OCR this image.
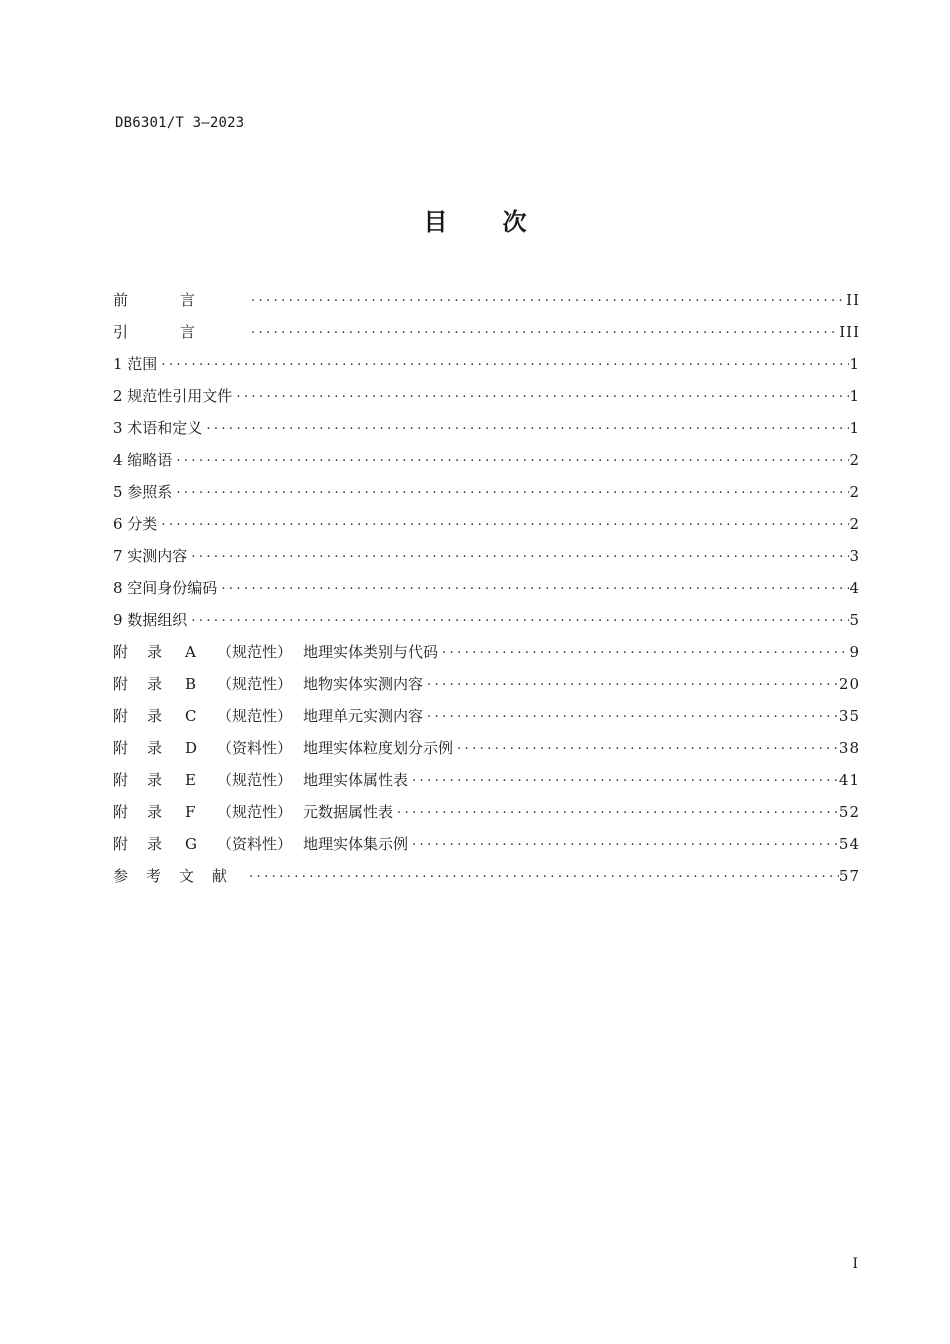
DB6301/T 3—2023
目次
前言 .....	II
引言 .....	III
1 范围 .....	1
2 规范性引用文件 .....	1
3 术语和定义 .....	1
4 缩略语 .....	2
5 参照系 .....	2
6 分类 .....	2
7 实测内容 .....	3
8 空间身份编码 .....	4
9 数据组织 .....	5
附 录 A （规范性） 地理实体类别与代码 .....	9
附 录 B （规范性） 地物实体实测内容 .....	20
附 录 C （规范性） 地理单元实测内容 .....	35
附 录 D （资料性） 地理实体粒度划分示例 .....	38
附 录 E （规范性） 地理实体属性表 .....	41
附 录 F （规范性） 元数据属性表 .....	52
附 录 G （资料性） 地理实体集示例 .....	54
参考文献 .....	57
I
